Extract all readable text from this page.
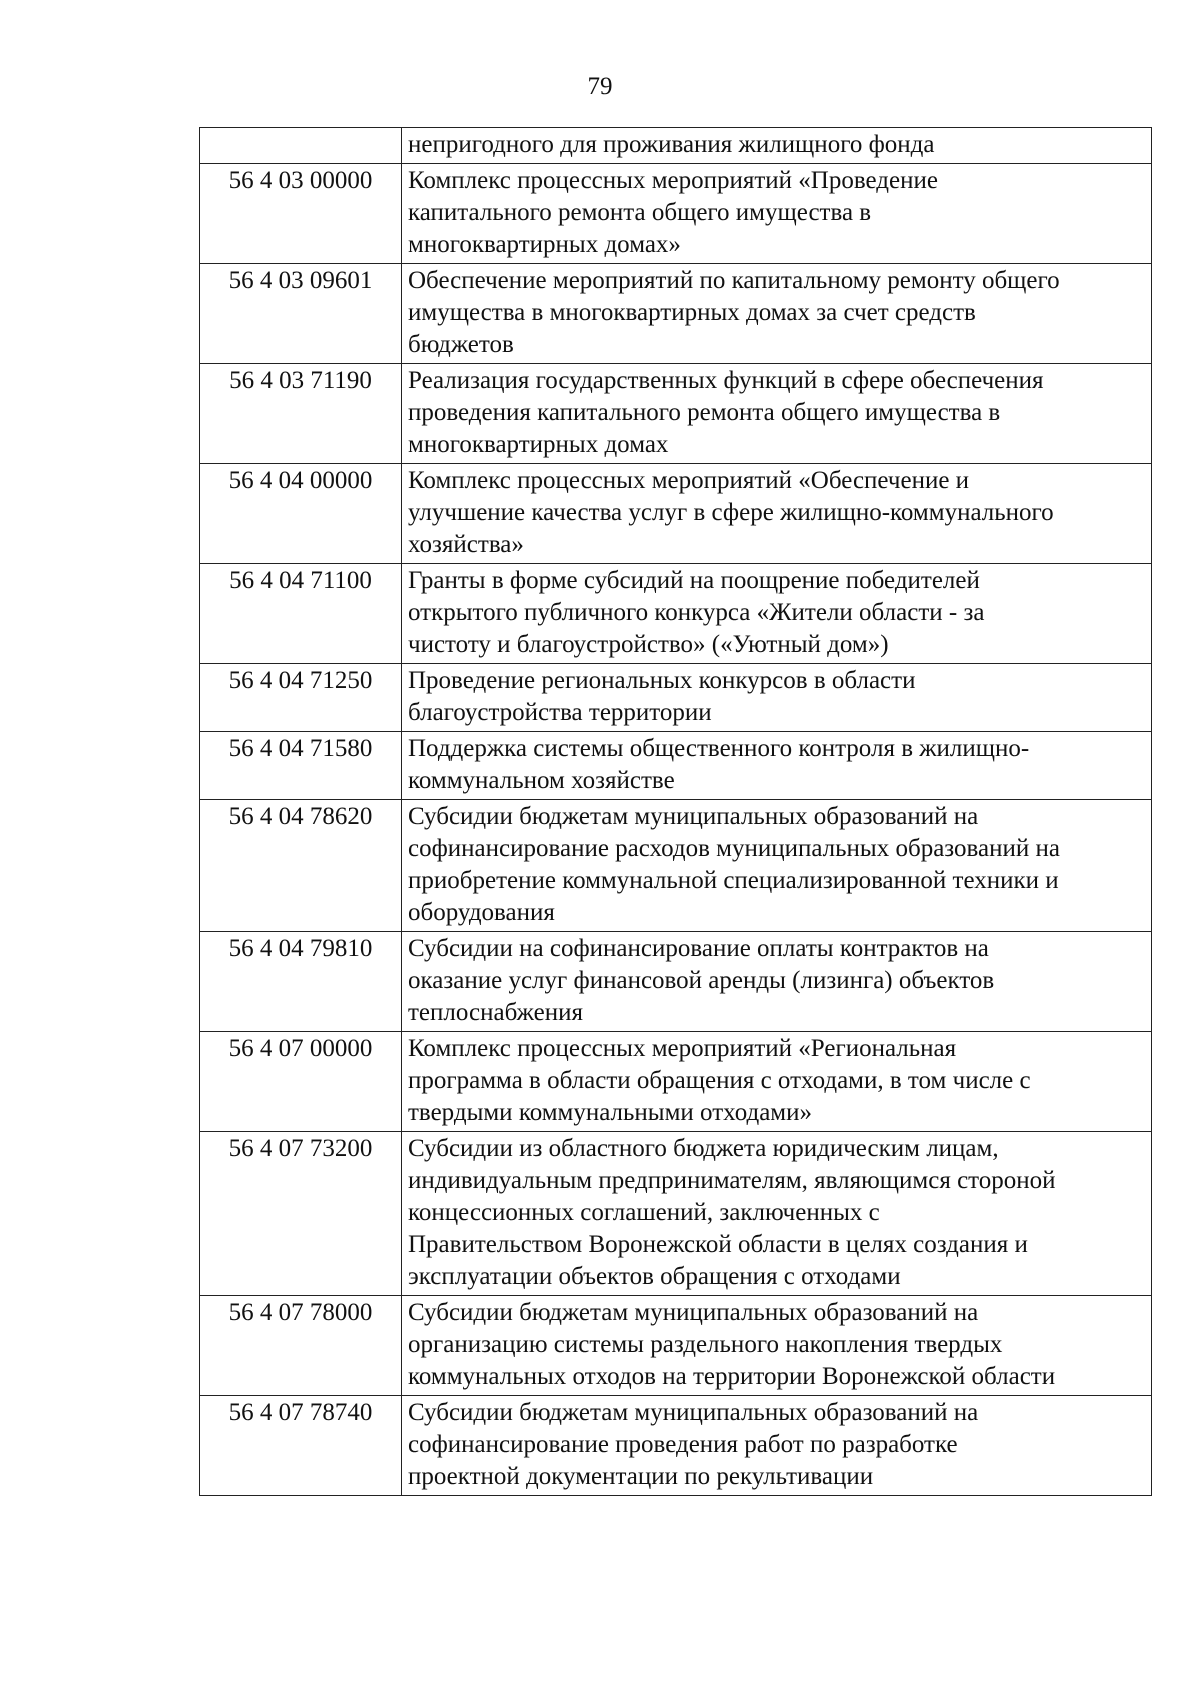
79

	непригодного для проживания жилищного фонда

56 4 03 00000	Комплекс процессных мероприятий «Проведение
капитального ремонта общего имущества в
многоквартирных домах»

56 4 03 09601	Обеспечение мероприятий по капитальному ремонту общего
имущества в многоквартирных домах за счет средств
бюджетов

56 4 03 71190	Реализация государственных функций в сфере обеспечения
проведения капитального ремонта общего имущества в
многоквартирных домах

56 4 04 00000	Комплекс процессных мероприятий «Обеспечение и
улучшение качества услуг в сфере жилищно-коммунального
хозяйства»

56 4 04 71100	Гранты в форме субсидий на поощрение победителей
открытого публичного конкурса «Жители области - за
чистоту и благоустройство» («Уютный дом»)

56 4 04 71250	Проведение региональных конкурсов в области
благоустройства территории

56 4 04 71580	Поддержка системы общественного контроля в жилищно-
коммунальном хозяйстве

56 4 04 78620	Субсидии бюджетам муниципальных образований на
софинансирование расходов муниципальных образований на
приобретение коммунальной специализированной техники и
оборудования

56 4 04 79810	Субсидии на софинансирование оплаты контрактов на
оказание услуг финансовой аренды (лизинга) объектов
теплоснабжения

56 4 07 00000	Комплекс процессных мероприятий «Региональная
программа в области обращения с отходами, в том числе с
твердыми коммунальными отходами»

56 4 07 73200	Субсидии из областного бюджета юридическим лицам,
индивидуальным предпринимателям, являющимся стороной
концессионных соглашений, заключенных с
Правительством Воронежской области в целях создания и
эксплуатации объектов обращения с отходами

56 4 07 78000	Субсидии бюджетам муниципальных образований на
организацию системы раздельного накопления твердых
коммунальных отходов на территории Воронежской области

56 4 07 78740	Субсидии бюджетам муниципальных образований на
софинансирование проведения работ по разработке
проектной документации по рекультивации
